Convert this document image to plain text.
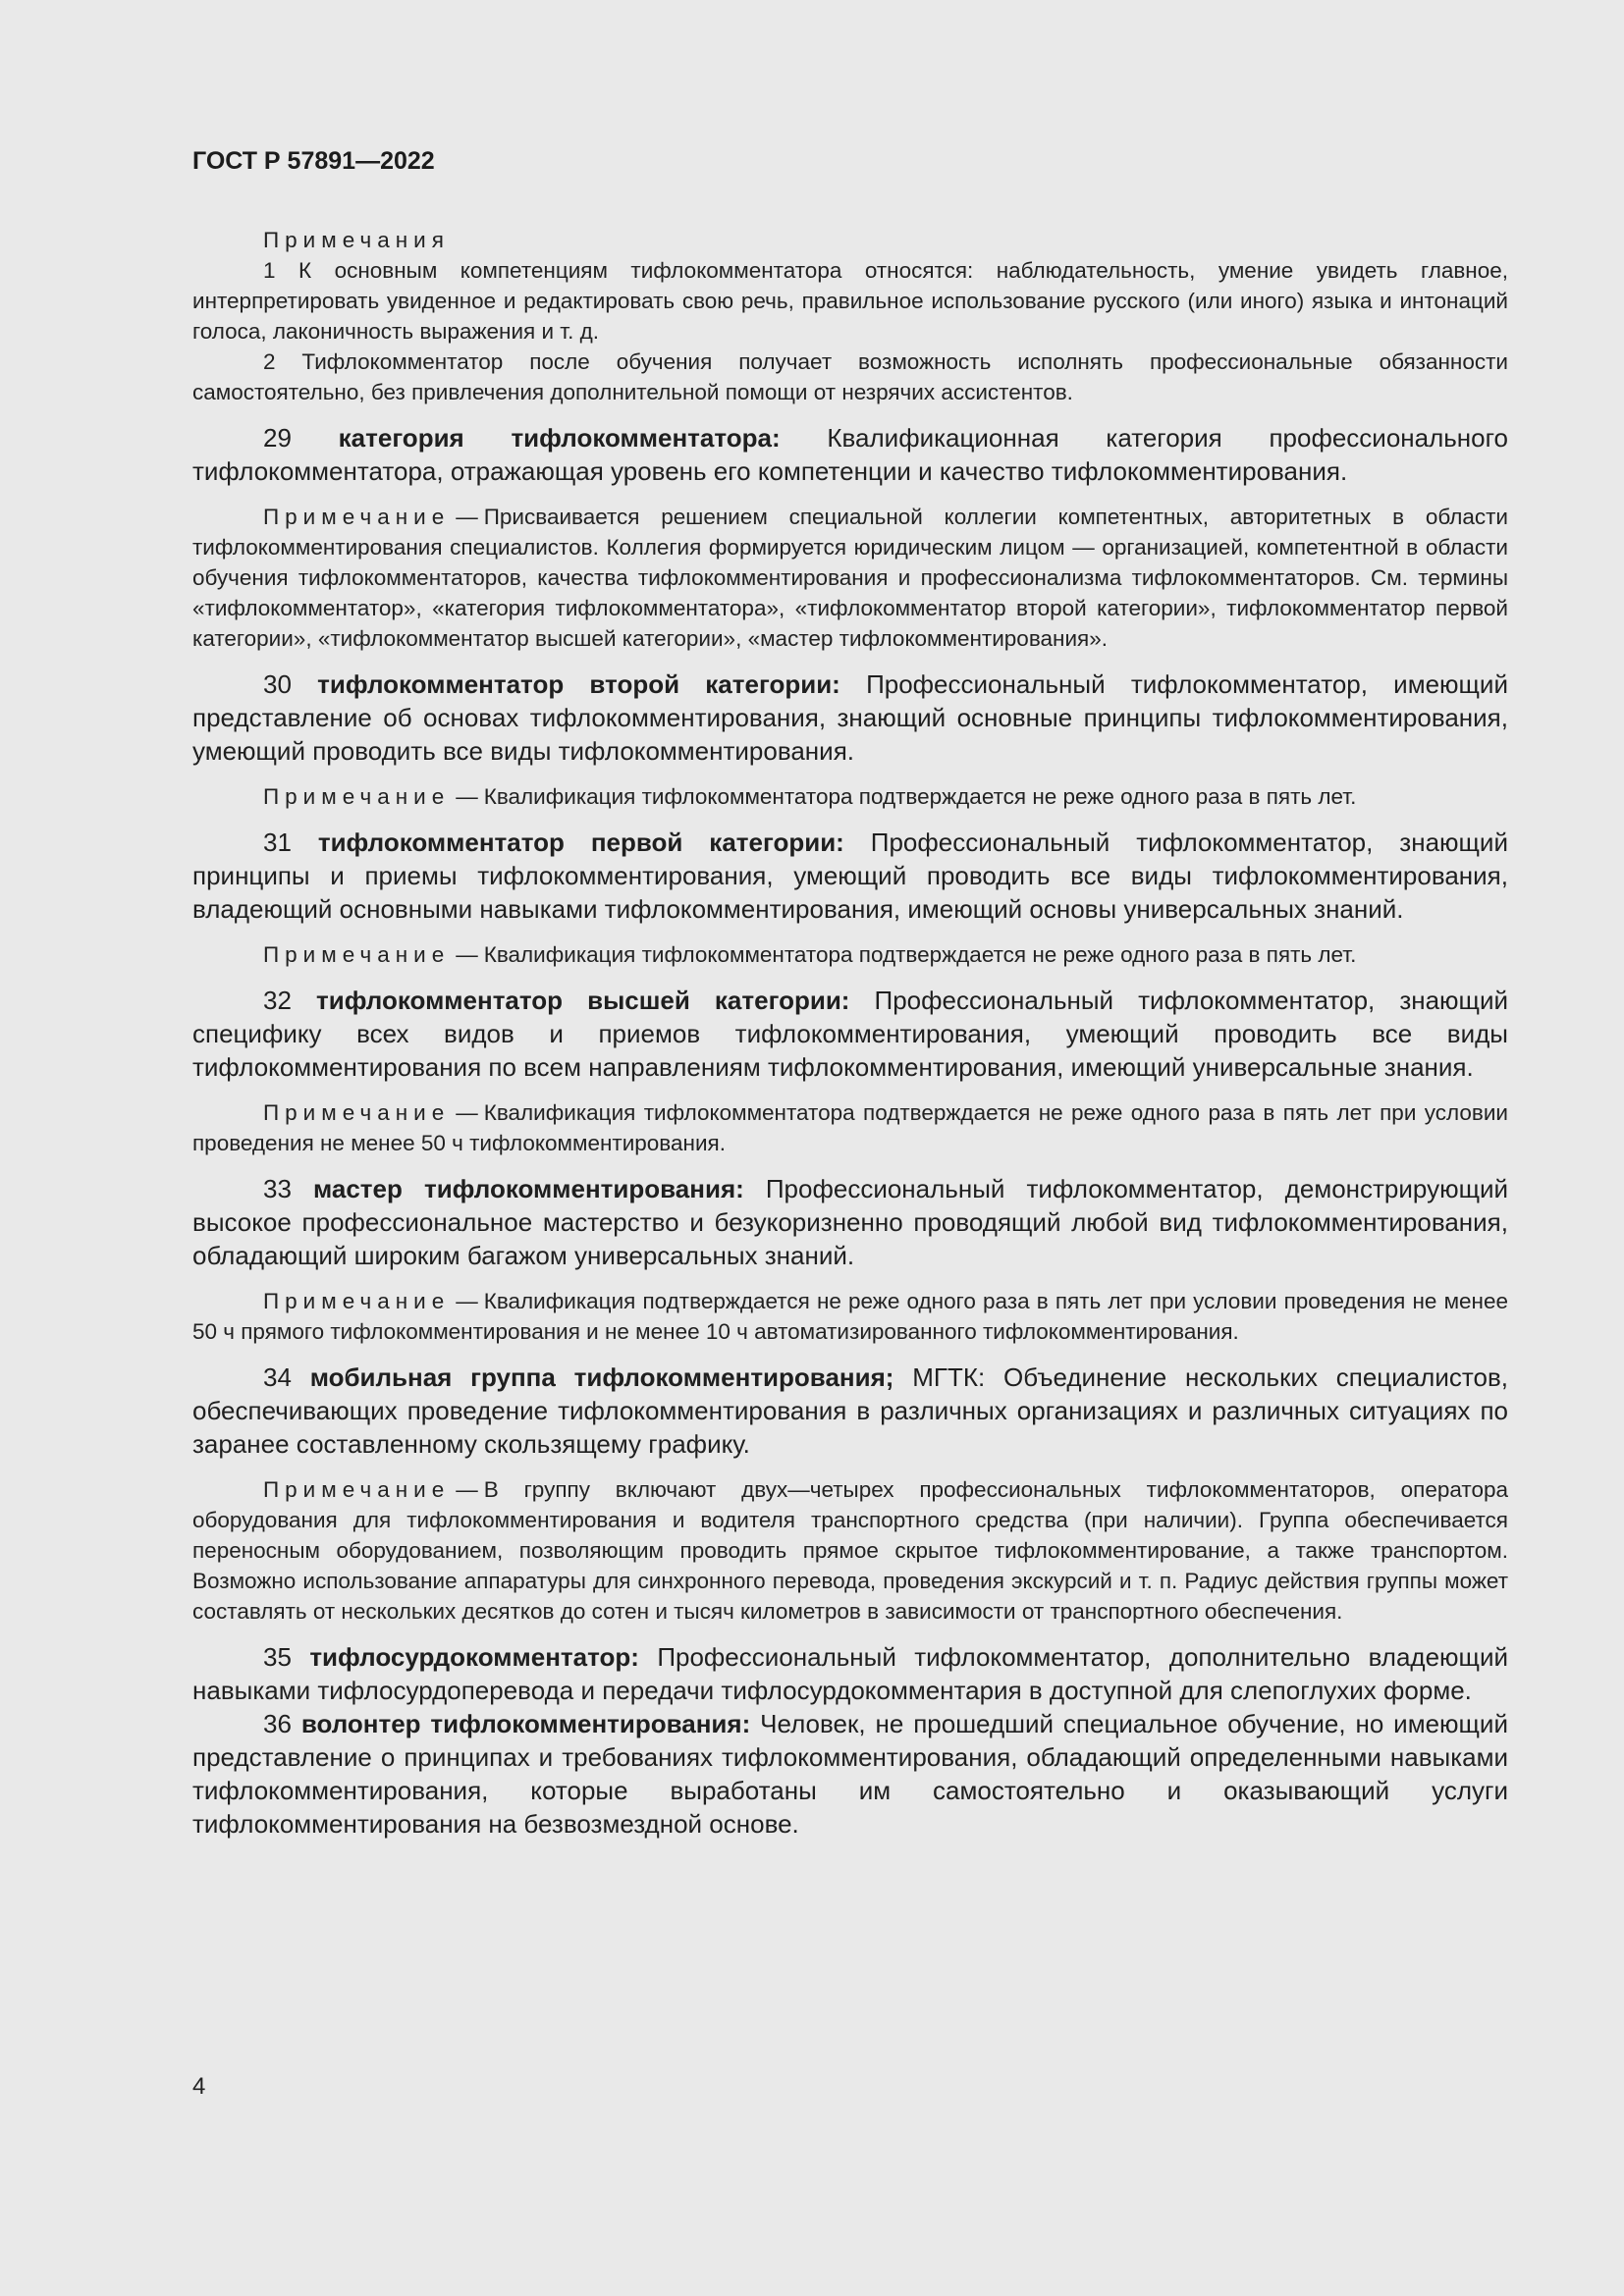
ГОСТ Р 57891—2022

Примечания

1 К основным компетенциям тифлокомментатора относятся: наблюдательность, умение увидеть главное, интерпретировать увиденное и редактировать свою речь, правильное использование русского (или иного) языка и интонаций голоса, лаконичность выражения и т. д.

2 Тифлокомментатор после обучения получает возможность исполнять профессиональные обязанности самостоятельно, без привлечения дополнительной помощи от незрячих ассистентов.

29 категория тифлокомментатора: Квалификационная категория профессионального тифлокомментатора, отражающая уровень его компетенции и качество тифлокомментирования.

Примечание — Присваивается решением специальной коллегии компетентных, авторитетных в области тифлокомментирования специалистов. Коллегия формируется юридическим лицом — организацией, компетентной в области обучения тифлокомментаторов, качества тифлокомментирования и профессионализма тифлокомментаторов. См. термины «тифлокомментатор», «категория тифлокомментатора», «тифлокомментатор второй категории», тифлокомментатор первой категории», «тифлокомментатор высшей категории», «мастер тифлокомментирования».

30 тифлокомментатор второй категории: Профессиональный тифлокомментатор, имеющий представление об основах тифлокомментирования, знающий основные принципы тифлокомментирования, умеющий проводить все виды тифлокомментирования.

Примечание — Квалификация тифлокомментатора подтверждается не реже одного раза в пять лет.

31 тифлокомментатор первой категории: Профессиональный тифлокомментатор, знающий принципы и приемы тифлокомментирования, умеющий проводить все виды тифлокомментирования, владеющий основными навыками тифлокомментирования, имеющий основы универсальных знаний.

Примечание — Квалификация тифлокомментатора подтверждается не реже одного раза в пять лет.

32 тифлокомментатор высшей категории: Профессиональный тифлокомментатор, знающий специфику всех видов и приемов тифлокомментирования, умеющий проводить все виды тифлокомментирования по всем направлениям тифлокомментирования, имеющий универсальные знания.

Примечание — Квалификация тифлокомментатора подтверждается не реже одного раза в пять лет при условии проведения не менее 50 ч тифлокомментирования.

33 мастер тифлокомментирования: Профессиональный тифлокомментатор, демонстрирующий высокое профессиональное мастерство и безукоризненно проводящий любой вид тифлокомментирования, обладающий широким багажом универсальных знаний.

Примечание — Квалификация подтверждается не реже одного раза в пять лет при условии проведения не менее 50 ч прямого тифлокомментирования и не менее 10 ч автоматизированного тифлокомментирования.

34 мобильная группа тифлокомментирования; МГТК: Объединение нескольких специалистов, обеспечивающих проведение тифлокомментирования в различных организациях и различных ситуациях по заранее составленному скользящему графику.

Примечание — В группу включают двух—четырех профессиональных тифлокомментаторов, оператора оборудования для тифлокомментирования и водителя транспортного средства (при наличии). Группа обеспечивается переносным оборудованием, позволяющим проводить прямое скрытое тифлокомментирование, а также транспортом. Возможно использование аппаратуры для синхронного перевода, проведения экскурсий и т. п. Радиус действия группы может составлять от нескольких десятков до сотен и тысяч километров в зависимости от транспортного обеспечения.

35 тифлосурдокомментатор: Профессиональный тифлокомментатор, дополнительно владеющий навыками тифлосурдоперевода и передачи тифлосурдокомментария в доступной для слепоглухих форме.

36 волонтер тифлокомментирования: Человек, не прошедший специальное обучение, но имеющий представление о принципах и требованиях тифлокомментирования, обладающий определенными навыками тифлокомментирования, которые выработаны им самостоятельно и оказывающий услуги тифлокомментирования на безвозмездной основе.

4
